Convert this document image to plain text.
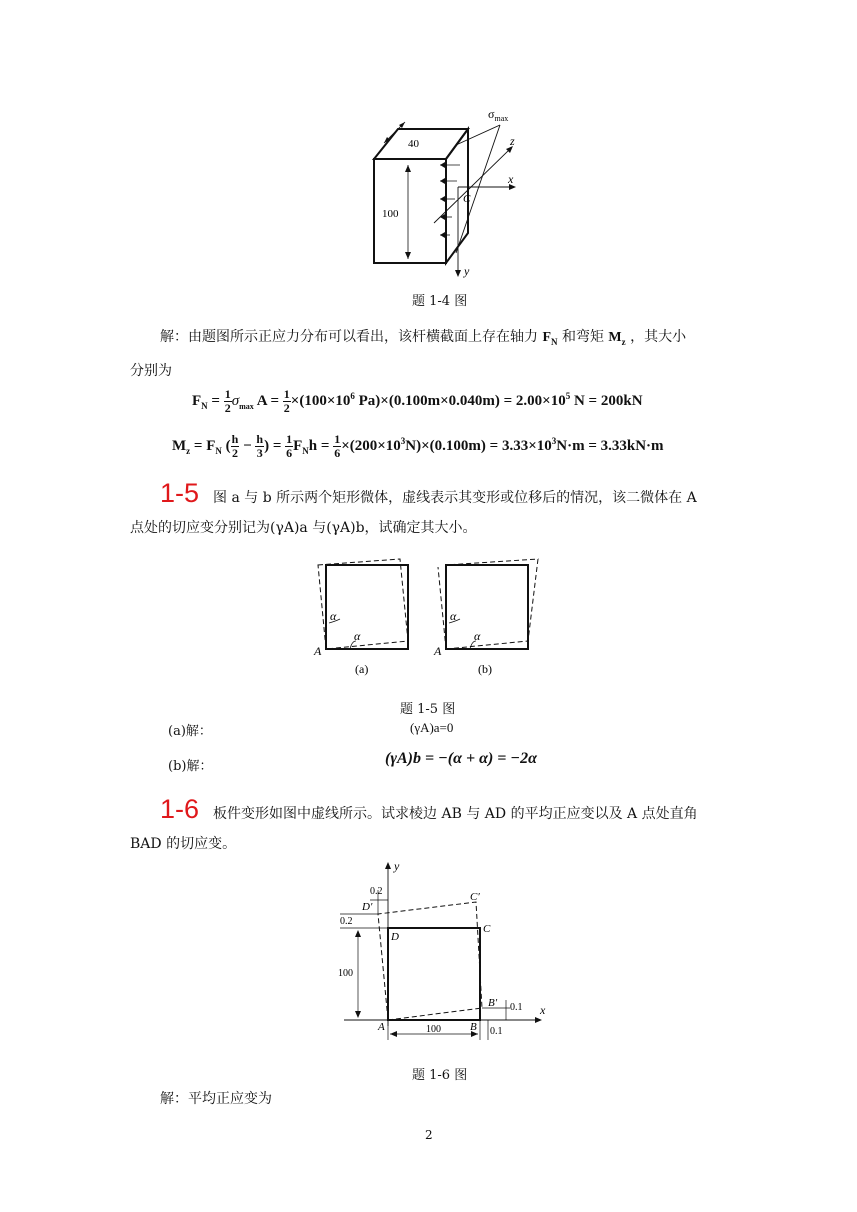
40
100
$\sigma_{max}$
z
x
y
C
题 1-4 图
解：由题图所示正应力分布可以看出，该杆横截面上存在轴力 $F_N$ 和弯矩 $M_z$ ，其大小
分别为
$F_N = \frac{1}{2} \sigma_{max}$ $A = \frac{1}{2} \times(100\times 10^6$ $Pa)\times(0.100m\times 0.040m) = 2.00\times 10^5$ N = 200kN
$M_z = F_N$ ( $\frac{h}{2} - \frac{h}{3}$ ) = $\frac{1}{6} F_Nh = \frac{1}{6} \times(200\times 10^3N)\times(0.100m) = 3.33\times 10^3N\cdot m = 3.33kN\cdot m$
1-5 图 a 与 b 所示两个矩形微体，虚线表示其变形或位移后的情况，该二微体在 A
点处的切应变分别记为(γA)a 与(γA)b，试确定其大小。
α
α
A
(a)
α
α
A
(b)
题 1-5 图
(a)解：	(γA)a=0
(b)解：	(γA)b = −(α + α) = −2α
1-6 板件变形如图中虚线所示。试求棱边 AB 与 AD 的平均正应变以及 A 点处直角
BAD 的切应变。
y
x
0.2
0.2
D′
C′
D
C
100
B′ 0.1
A	B
100	0.1
题 1-6 图
解：平均正应变为
2
